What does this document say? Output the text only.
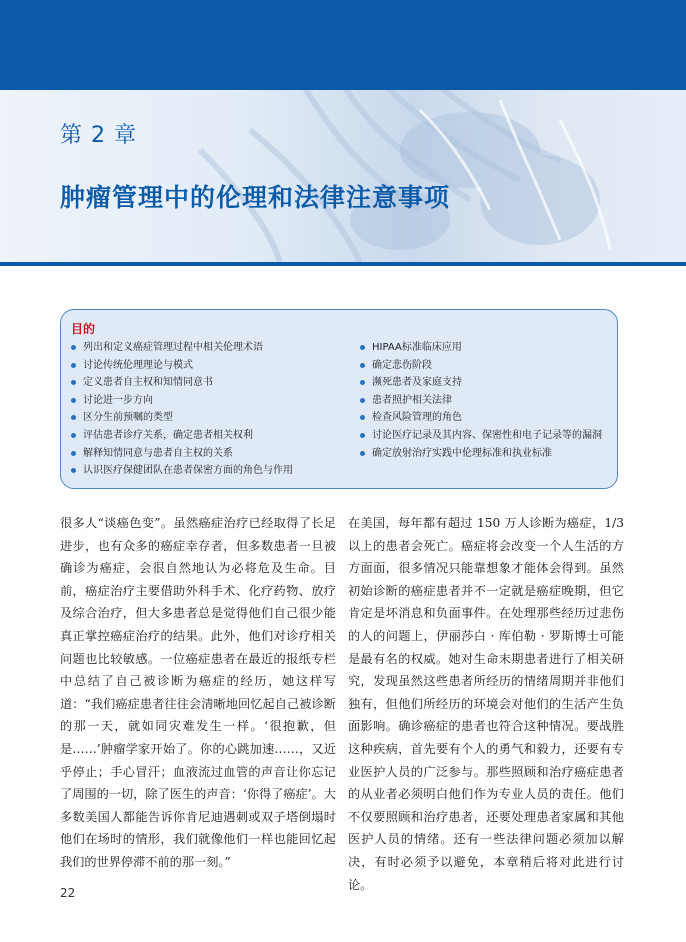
第 2 章
肿瘤管理中的伦理和法律注意事项
目的
列出和定义癌症管理过程中相关伦理术语
讨论传统伦理理论与模式
定义患者自主权和知情同意书
讨论进一步方向
区分生前预嘱的类型
评估患者诊疗关系，确定患者相关权利
解释知情同意与患者自主权的关系
认识医疗保健团队在患者保密方面的角色与作用
HIPAA标准临床应用
确定悲伤阶段
濒死患者及家庭支持
患者照护相关法律
检查风险管理的角色
讨论医疗记录及其内容、保密性和电子记录等的漏洞
确定放射治疗实践中伦理标准和执业标准

很多人“谈癌色变”。虽然癌症治疗已经取得了长足进步，也有众多的癌症幸存者，但多数患者一旦被确诊为癌症，会很自然地认为必将危及生命。目前，癌症治疗主要借助外科手术、化疗药物、放疗及综合治疗，但大多患者总是觉得他们自己很少能真正掌控癌症治疗的结果。此外，他们对诊疗相关问题也比较敏感。一位癌症患者在最近的报纸专栏中总结了自己被诊断为癌症的经历，她这样写道：“我们癌症患者往往会清晰地回忆起自己被诊断的那一天，就如同灾难发生一样。‘很抱歉，但是……’肿瘤学家开始了。你的心跳加速……，又近乎停止；手心冒汗；血液流过血管的声音让你忘记了周围的一切，除了医生的声音：‘你得了癌症’。大多数美国人都能告诉你肯尼迪遇刺或双子塔倒塌时他们在场时的情形，我们就像他们一样也能回忆起我们的世界停滞不前的那一刻。”

在美国，每年都有超过 150 万人诊断为癌症，1/3 以上的患者会死亡。癌症将会改变一个人生活的方方面面，很多情况只能靠想象才能体会得到。虽然初始诊断的癌症患者并不一定就是癌症晚期，但它肯定是坏消息和负面事件。在处理那些经历过悲伤的人的问题上，伊丽莎白 · 库伯勒 · 罗斯博士可能是最有名的权威。她对生命末期患者进行了相关研究，发现虽然这些患者所经历的情绪周期并非他们独有，但他们所经历的环境会对他们的生活产生负面影响。确诊癌症的患者也符合这种情况。要战胜这种疾病，首先要有个人的勇气和毅力，还要有专业医护人员的广泛参与。那些照顾和治疗癌症患者的从业者必须明白他们作为专业人员的责任。他们不仅要照顾和治疗患者，还要处理患者家属和其他医护人员的情绪。还有一些法律问题必须加以解决，有时必须予以避免，本章稍后将对此进行讨论。

22
